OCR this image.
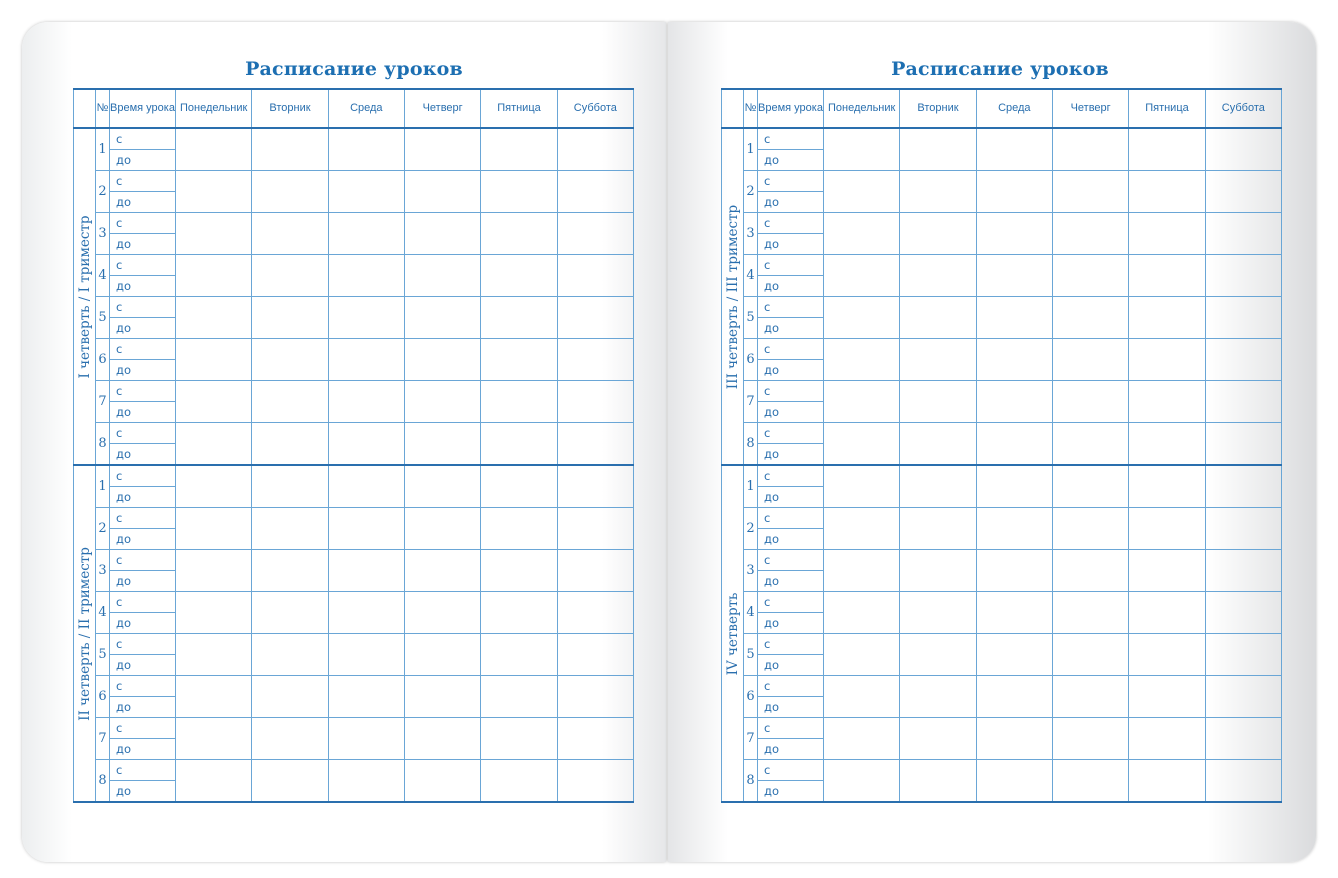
Расписание уроков
	№	Время урока	Понедельник	Вторник	Среда	Четверг	Пятница	Суббота

I четверть / I триместр	1	с						
		до						
	2	с						
		до						
	3	с						
		до						
	4	с						
		до						
	5	с						
		до						
	6	с						
		до						
	7	с						
		до						
	8	с						
		до						

II четверть / II триместр	1	с						
		до						
	2	с						
		до						
	3	с						
		до						
	4	с						
		до						
	5	с						
		до						
	6	с						
		до						
	7	с						
		до						
	8	с						
		до						
Расписание уроков
	№	Время урока	Понедельник	Вторник	Среда	Четверг	Пятница	Суббота

III четверть / III триместр	1	с						
		до						
	2	с						
		до						
	3	с						
		до						
	4	с						
		до						
	5	с						
		до						
	6	с						
		до						
	7	с						
		до						
	8	с						
		до						

IV четверть	1	с						
		до						
	2	с						
		до						
	3	с						
		до						
	4	с						
		до						
	5	с						
		до						
	6	с						
		до						
	7	с						
		до						
	8	с						
		до						
